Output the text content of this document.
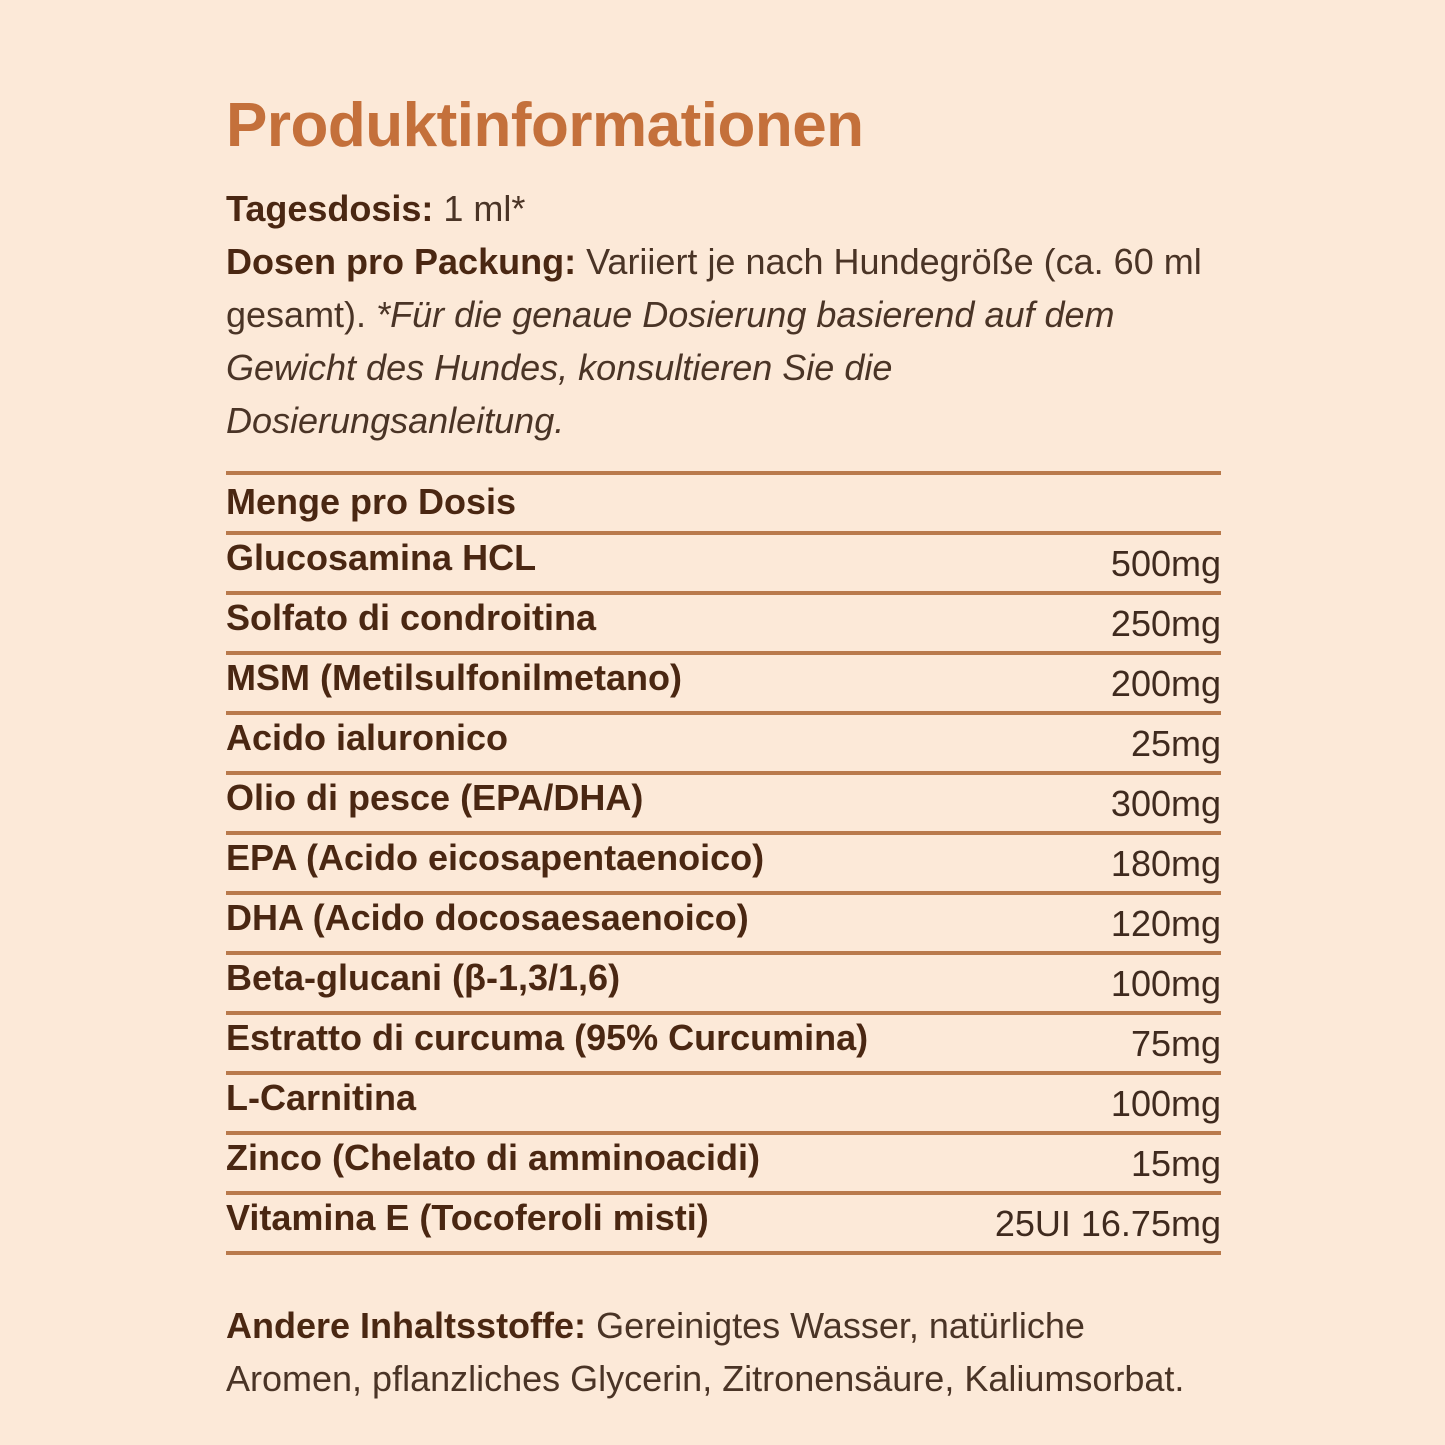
Produktinformationen
Tagesdosis: 1 ml*
Dosen pro Packung: Variiert je nach Hundegröße (ca. 60 ml gesamt). *Für die genaue Dosierung basierend auf dem Gewicht des Hundes, konsultieren Sie die Dosierungsanleitung.
Menge pro Dosis
Glucosamina HCL	500mg
Solfato di condroitina	250mg
MSM (Metilsulfonilmetano)	200mg
Acido ialuronico	25mg
Olio di pesce (EPA/DHA)	300mg
EPA (Acido eicosapentaenoico)	180mg
DHA (Acido docosaesaenoico)	120mg
Beta-glucani (β-1,3/1,6)	100mg
Estratto di curcuma (95% Curcumina)	75mg
L-Carnitina	100mg
Zinco (Chelato di amminoacidi)	15mg
Vitamina E (Tocoferoli misti)	25UI 16.75mg
Andere Inhaltsstoffe: Gereinigtes Wasser, natürliche Aromen, pflanzliches Glycerin, Zitronensäure, Kaliumsorbat.
